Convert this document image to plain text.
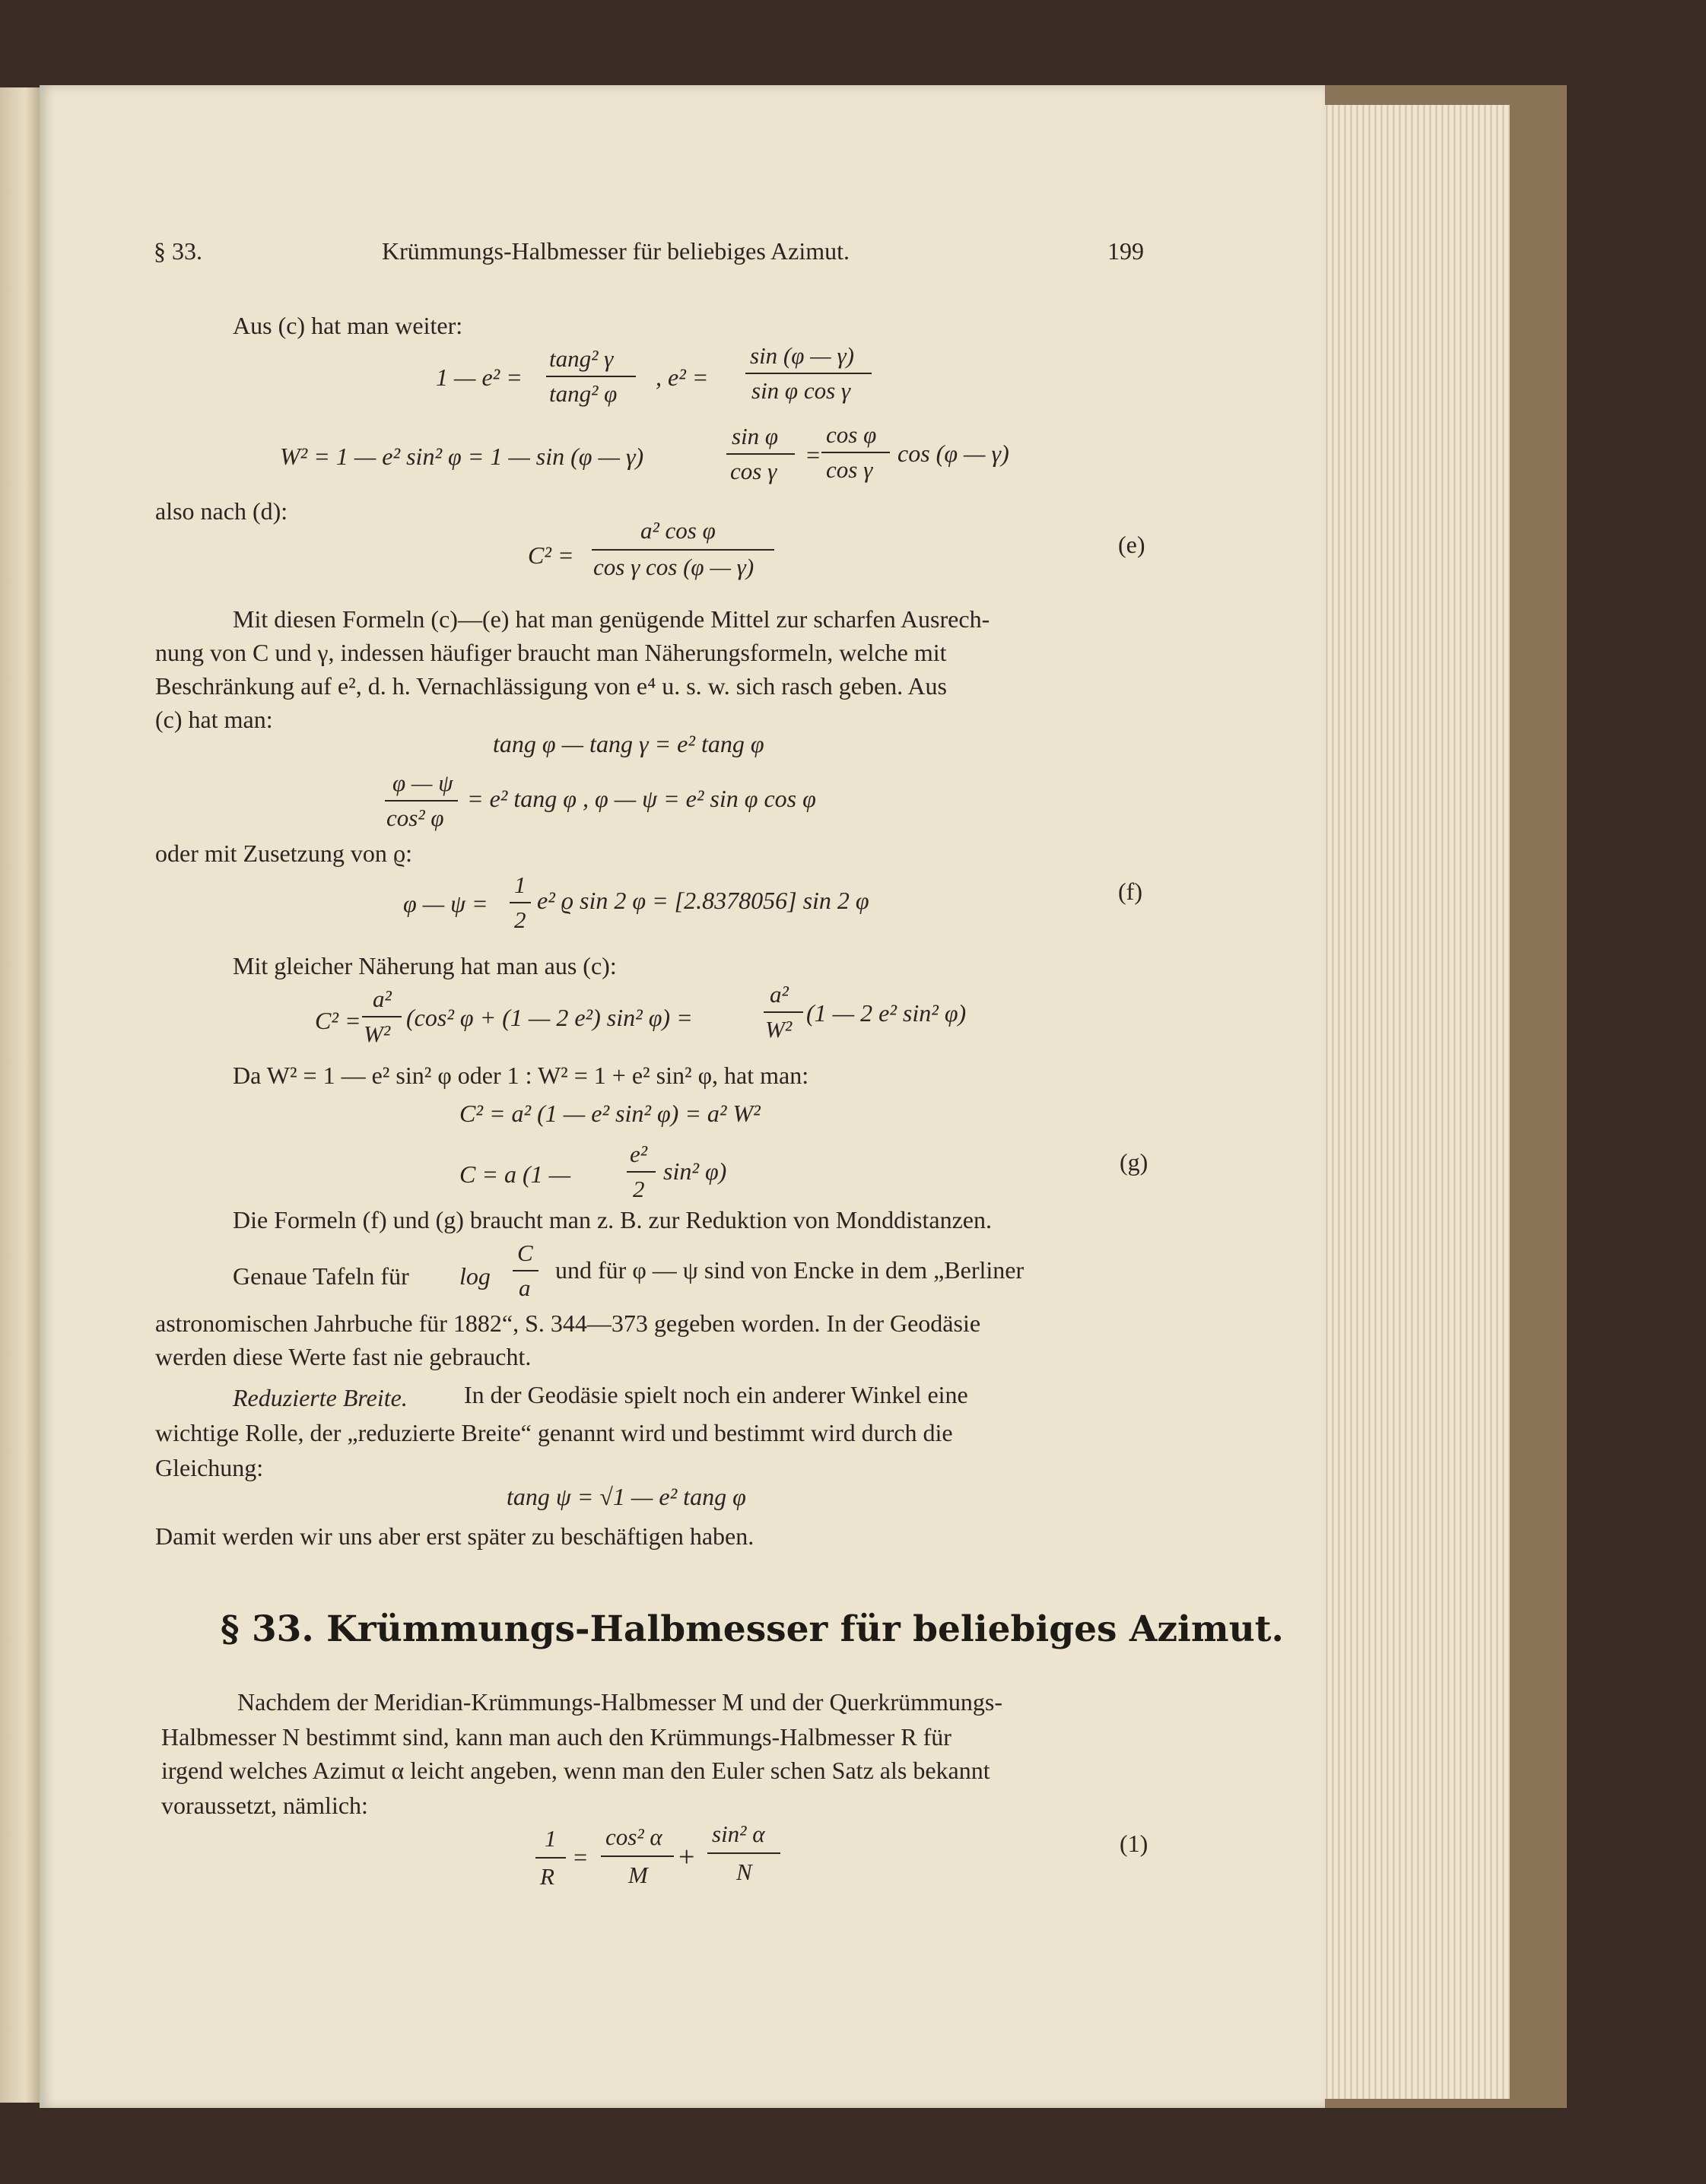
§ 33.	Krümmungs-Halbmesser für beliebiges Azimut.	199
Aus (c) hat man weiter:
1 — e² =
tang² γ
tang² φ
, e² =
sin (φ — γ)
sin φ cos γ
W² = 1 — e² sin² φ = 1 — sin (φ — γ)
sin φ
cos γ
=
cos φ
cos γ
cos (φ — γ)
also nach (d):
C² =
a² cos φ
cos γ cos (φ — γ)
(e)
Mit diesen Formeln (c)—(e) hat man genügende Mittel zur scharfen Ausrech-
nung von C und γ, indessen häufiger braucht man Näherungsformeln, welche mit
Beschränkung auf e², d. h. Vernachlässigung von e⁴ u. s. w. sich rasch geben. Aus
(c) hat man:
tang φ — tang γ = e² tang φ
φ — ψ
cos² φ
= e² tang φ , φ — ψ = e² sin φ cos φ
oder mit Zusetzung von ϱ:
φ — ψ =
1
2
e² ϱ sin 2 φ = [2.8378056] sin 2 φ	(f)
Mit gleicher Näherung hat man aus (c):
C² =
a²
W²
(cos² φ + (1 — 2 e²) sin² φ) =
a²
W²
(1 — 2 e² sin² φ)
Da W² = 1 — e² sin² φ oder 1 : W² = 1 + e² sin² φ, hat man:
C² = a² (1 — e² sin² φ) = a² W²
C = a (1 —
e²
2
sin² φ)	(g)
Die Formeln (f) und (g) braucht man z. B. zur Reduktion von Monddistanzen.
Genaue Tafeln für log
C
a
und für φ — ψ sind von Encke in dem „Berliner
astronomischen Jahrbuche für 1882“, S. 344—373 gegeben worden. In der Geodäsie
werden diese Werte fast nie gebraucht.
Reduzierte Breite. In der Geodäsie spielt noch ein anderer Winkel eine
wichtige Rolle, der „reduzierte Breite“ genannt wird und bestimmt wird durch die
Gleichung:
tang ψ = √1 — e² tang φ
Damit werden wir uns aber erst später zu beschäftigen haben.
§ 33. Krümmungs-Halbmesser für beliebiges Azimut.
Nachdem der Meridian-Krümmungs-Halbmesser M und der Querkrümmungs-
Halbmesser N bestimmt sind, kann man auch den Krümmungs-Halbmesser R für
irgend welches Azimut α leicht angeben, wenn man den Euler schen Satz als bekannt
voraussetzt, nämlich:
1
R
=
cos² α
M
+
sin² α
N
(1)
